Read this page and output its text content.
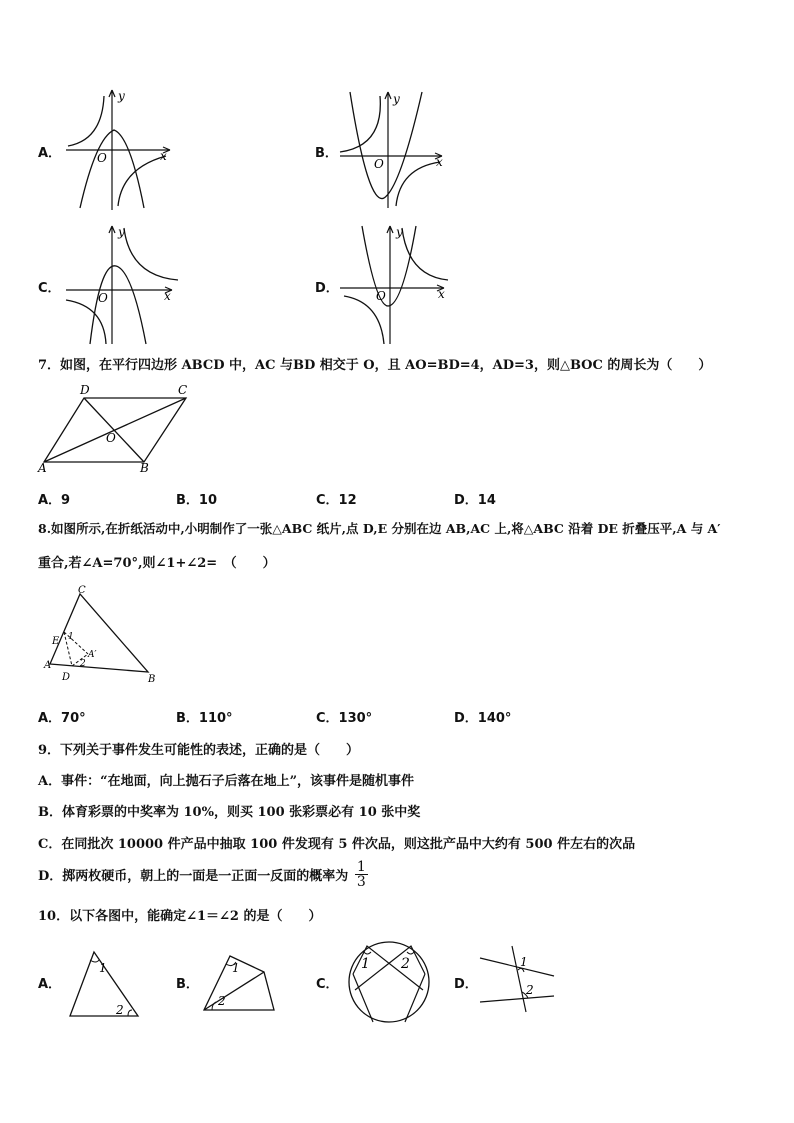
A．
y
x
O	B．
y
x
O
C．
y
x
O
D．
y
x
O
7．如图，在平行四边形 ABCD 中，AC 与BD 相交于 O，且 AO=BD=4，AD=3，则△BOC 的周长为（　　）
A	B
C
D
O
A．9	B．10	C．12	D．14
8.如图所示,在折纸活动中,小明制作了一张△ABC 纸片,点 D,E 分别在边 AB,AC 上,将△ABC 沿着 DE 折叠压平,A 与 A′
重合,若∠A=70°,则∠1+∠2=　（　　）
C
A
B
D
E
A′
1
2
A．70°	B．110°	C．130°	D．140°
9．下列关于事件发生可能性的表述，正确的是（　　）
A．事件：“在地面，向上抛石子后落在地上”，该事件是随机事件
B．体育彩票的中奖率为 10%，则买 100 张彩票必有 10 张中奖
C．在同批次 10000 件产品中抽取 100 件发现有 5 件次品，则这批产品中大约有 500 件左右的次品
D．掷两枚硬币，朝上的一面是一正面一反面的概率为 $\frac{1}{3}$
10．以下各图中，能确定∠1＝∠2 的是（　　）
A．
1
2
B．
1
2
C．
1 2
D．
1
2
